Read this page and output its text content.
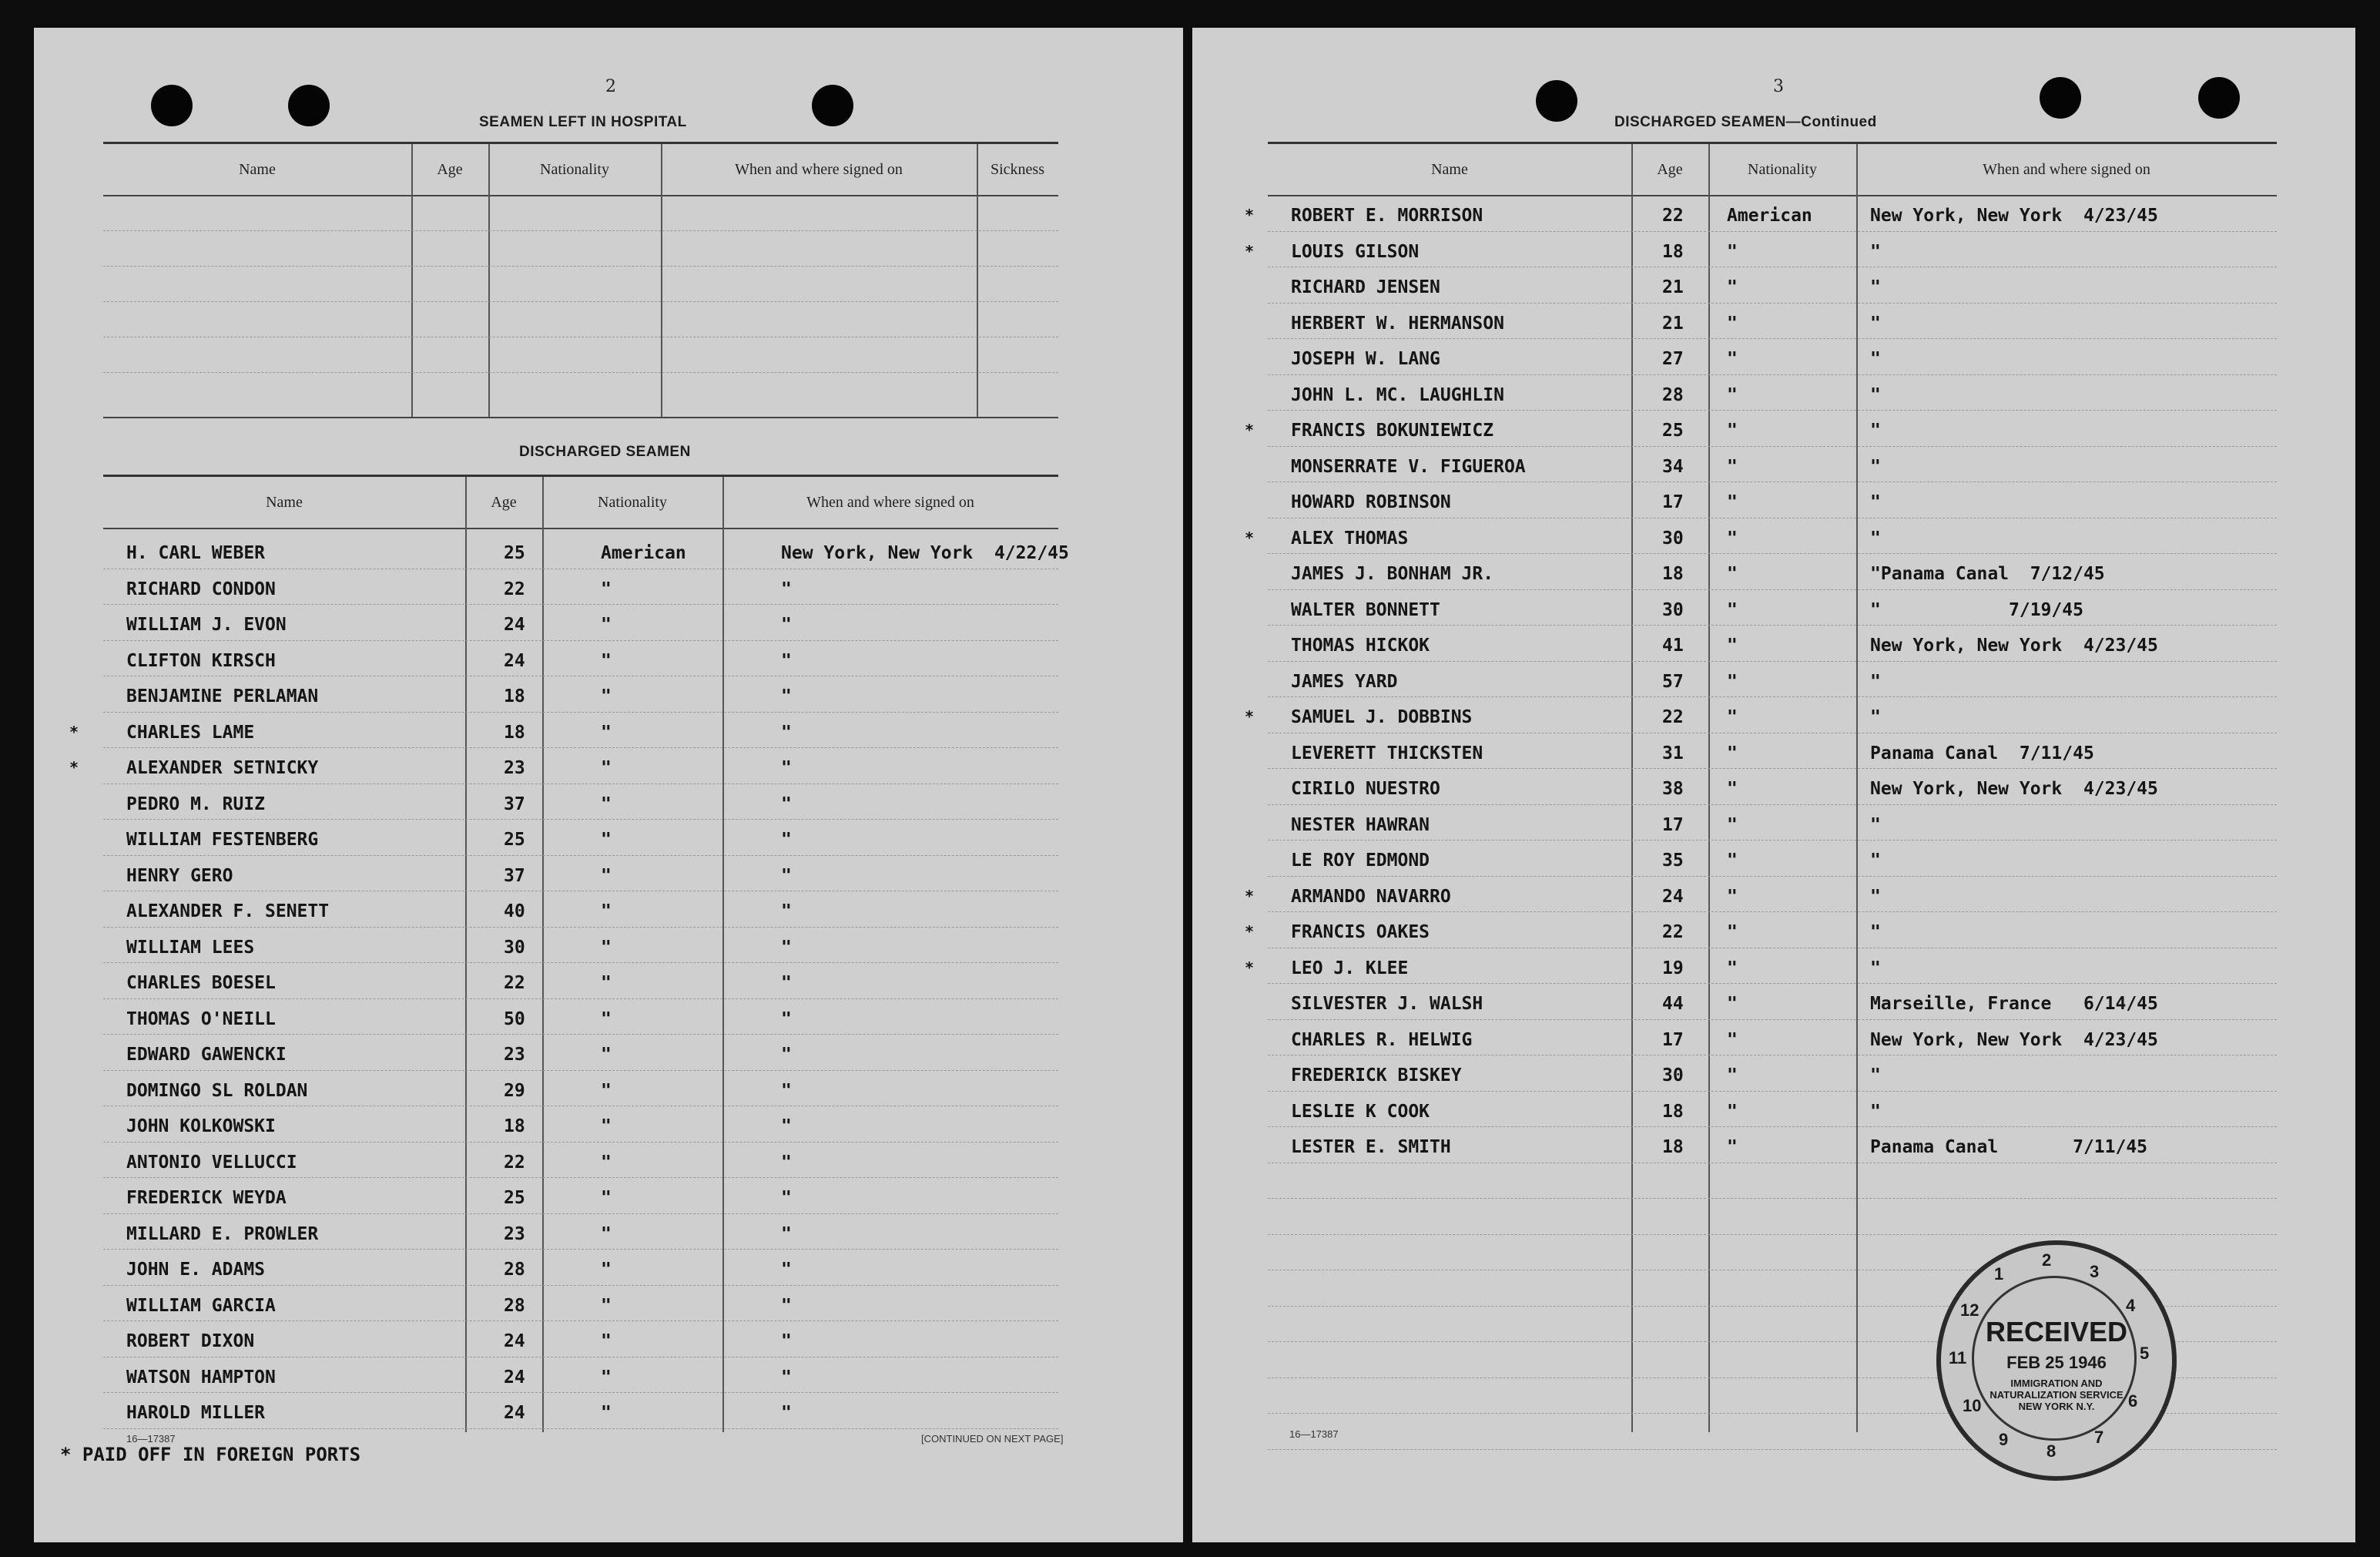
2
SEAMEN LEFT IN HOSPITAL
Name	Age	Nationality	When and where signed on	Sickness
DISCHARGED SEAMEN
Name	Age	Nationality	When and where signed on
H. CARL WEBER	25	American	New York, New York  4/22/45
RICHARD CONDON	22	"	"
WILLIAM J. EVON	24	"	"
CLIFTON KIRSCH	24	"	"
BENJAMINE PERLAMAN	18	"	"
*	CHARLES LAME	18	"	"
*	ALEXANDER SETNICKY	23	"	"
PEDRO M. RUIZ	37	"	"
WILLIAM FESTENBERG	25	"	"
HENRY GERO	37	"	"
ALEXANDER F. SENETT	40	"	"
WILLIAM LEES	30	"	"
CHARLES BOESEL	22	"	"
THOMAS O'NEILL	50	"	"
EDWARD GAWENCKI	23	"	"
DOMINGO SL ROLDAN	29	"	"
JOHN KOLKOWSKI	18	"	"
ANTONIO VELLUCCI	22	"	"
FREDERICK WEYDA	25	"	"
MILLARD E. PROWLER	23	"	"
JOHN E. ADAMS	28	"	"
WILLIAM GARCIA	28	"	"
ROBERT DIXON	24	"	"
WATSON HAMPTON	24	"	"
HAROLD MILLER	24	"	"
16—17387	[CONTINUED ON NEXT PAGE]
* PAID OFF IN FOREIGN PORTS
3
DISCHARGED SEAMEN—Continued
Name	Age	Nationality	When and where signed on
* ROBERT E. MORRISON	22 American	New York, New York  4/23/45
* LOUIS GILSON	18 "	"
RICHARD JENSEN	21 "	"
HERBERT W. HERMANSON	21 "	"
JOSEPH W. LANG	27 "	"
JOHN L. MC. LAUGHLIN	28 "	"
* FRANCIS BOKUNIEWICZ	25 "	"
MONSERRATE V. FIGUEROA	34 "	"
HOWARD ROBINSON	17 "	"
* ALEX THOMAS	30 "	"
JAMES J. BONHAM JR.	18 "	"Panama Canal  7/12/45
WALTER BONNETT	30 "	"            7/19/45
THOMAS HICKOK	41 "	New York, New York  4/23/45
JAMES YARD	57 "	"
* SAMUEL J. DOBBINS	22 "	"
LEVERETT THICKSTEN	31 "	Panama Canal  7/11/45
CIRILO NUESTRO	38 "	New York, New York  4/23/45
NESTER HAWRAN	17 "	"
LE ROY EDMOND	35 "	"
* ARMANDO NAVARRO	24 "	"
* FRANCIS OAKES	22 "	"
* LEO J. KLEE	19 "	"
SILVESTER J. WALSH	44 "	Marseille, France   6/14/45
CHARLES R. HELWIG	17 "	New York, New York  4/23/45
FREDERICK BISKEY	30 "	"
LESLIE K COOK	18 "	"
LESTER E. SMITH	18 "	Panama Canal       7/11/45
16—17387
RECEIVED
FEB 25 1946
IMMIGRATION AND NATURALIZATION SERVICE NEW YORK N.Y.
1
2
3
4
5
6
7
8
9
10
11
12
